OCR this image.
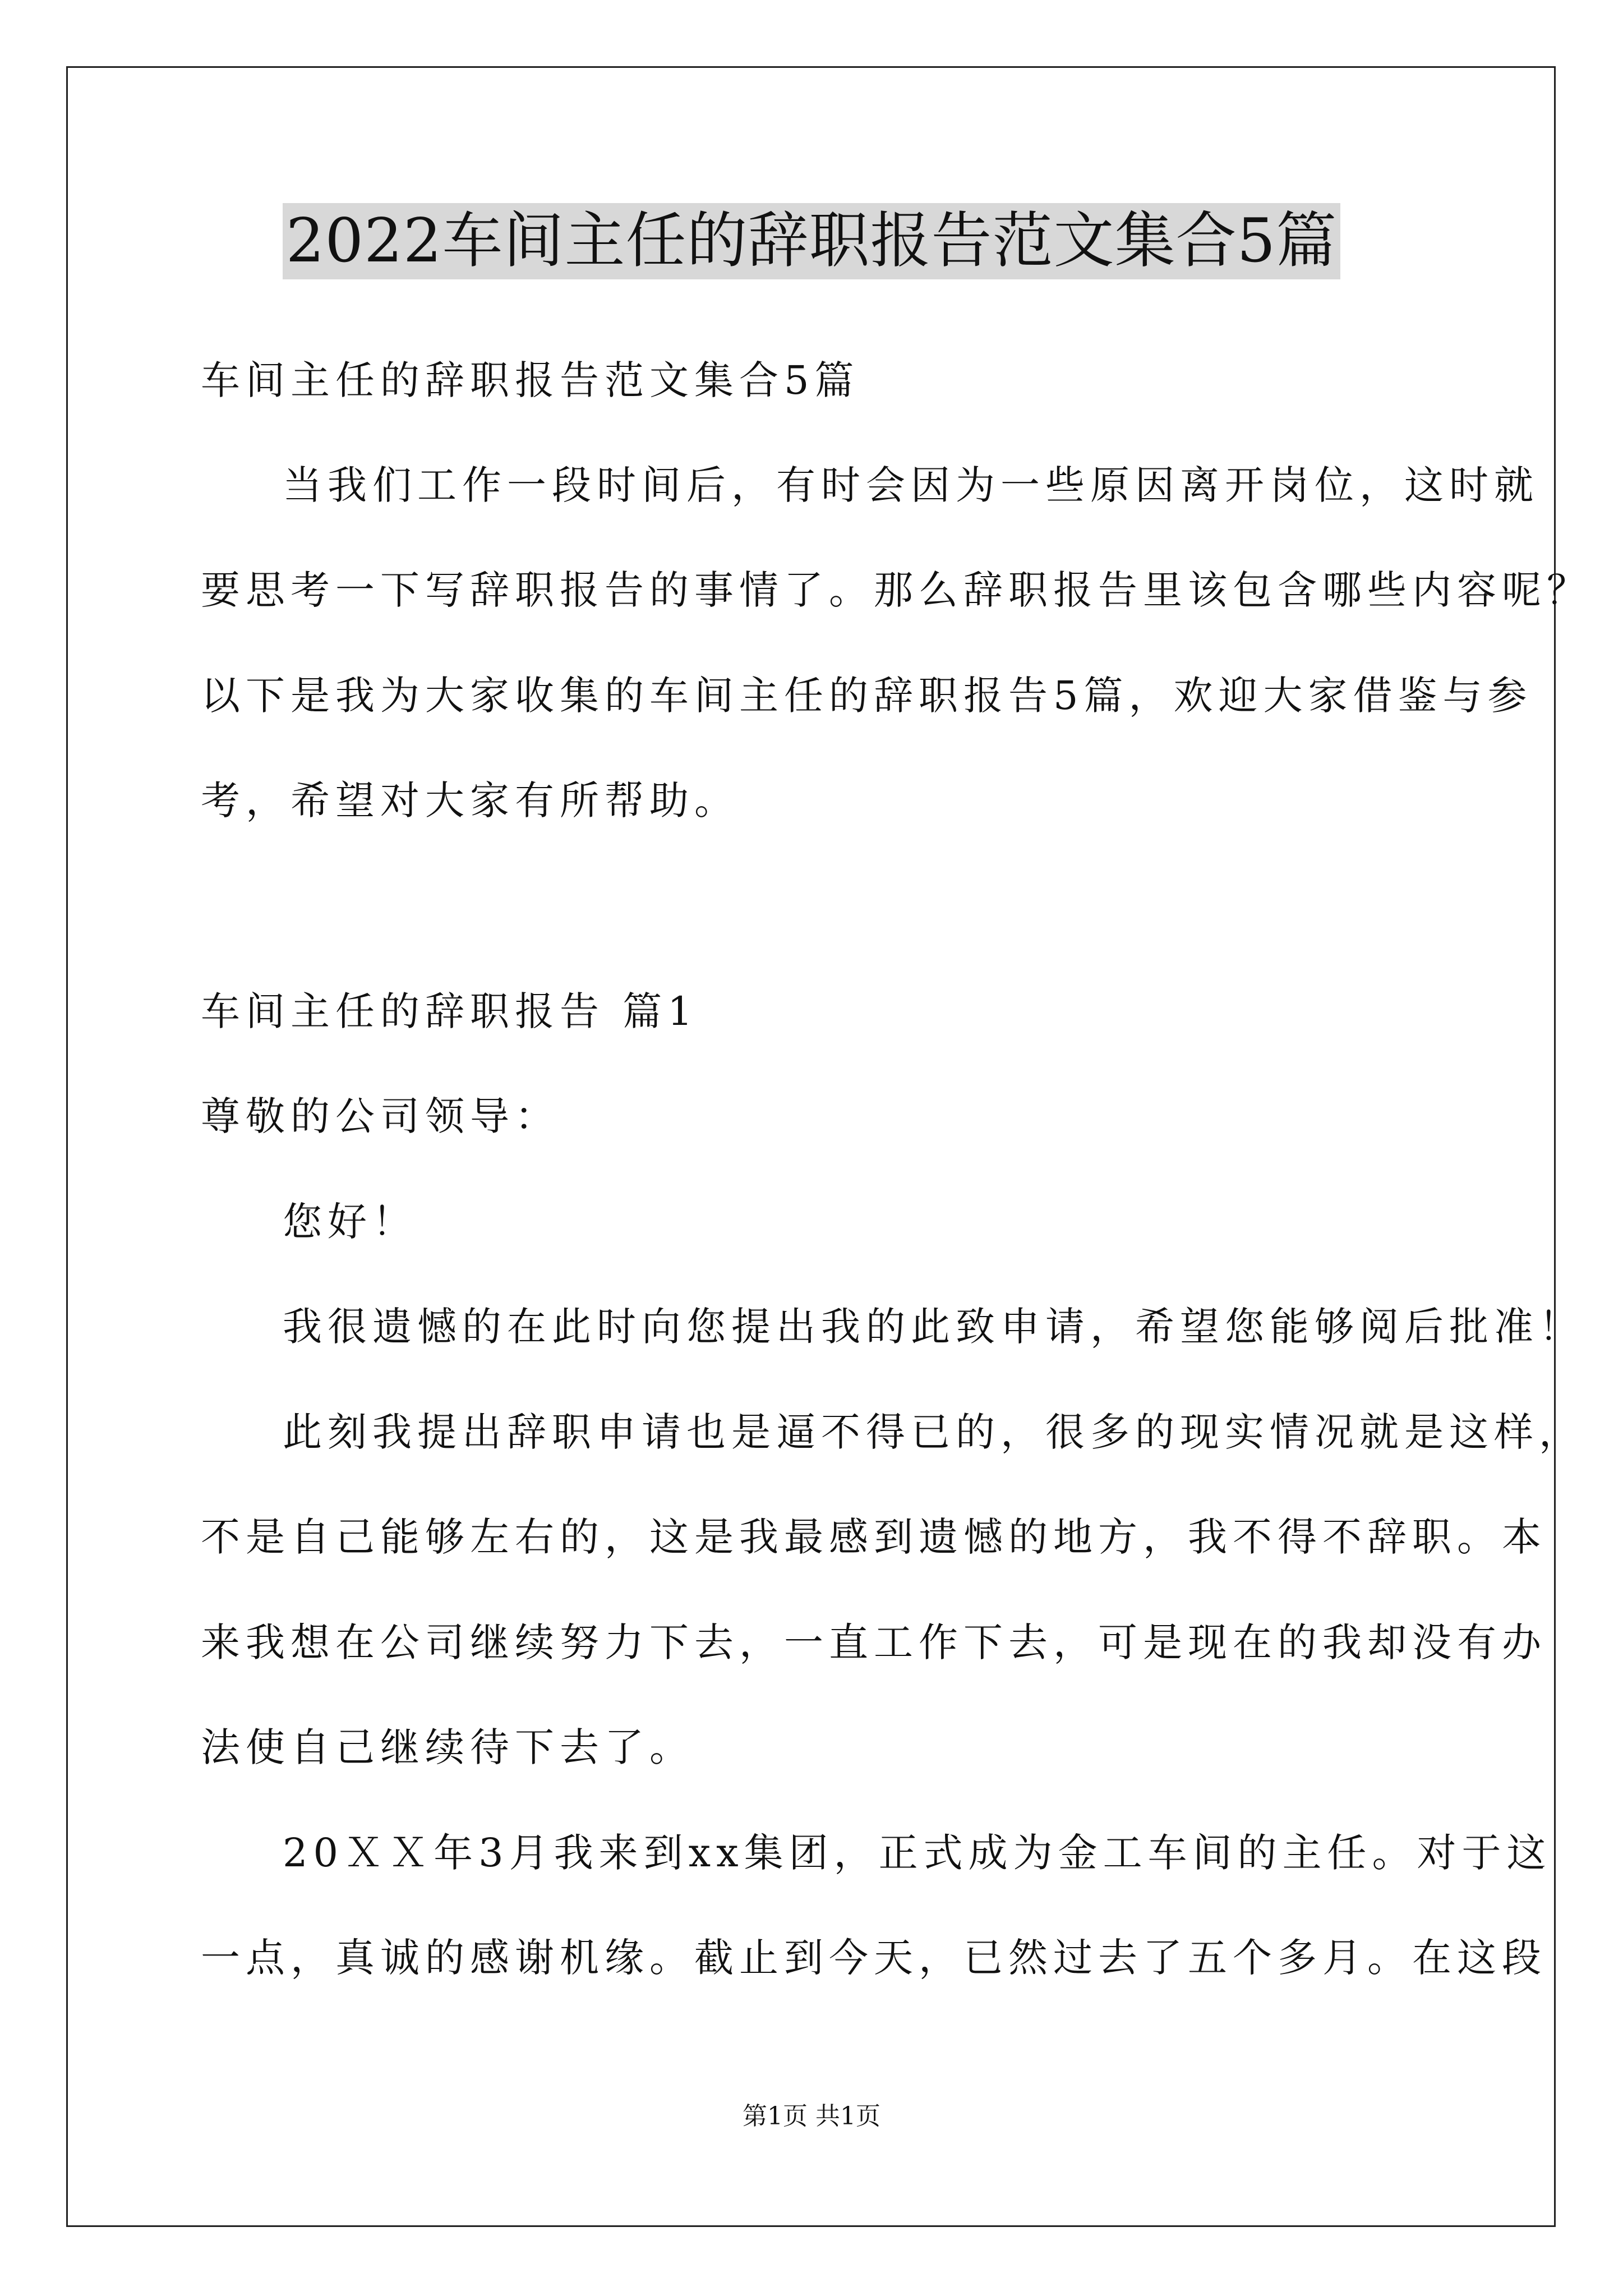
2022车间主任的辞职报告范文集合5篇
车间主任的辞职报告范文集合5篇
当我们工作一段时间后，有时会因为一些原因离开岗位，这时就
要思考一下写辞职报告的事情了。那么辞职报告里该包含哪些内容呢？
以下是我为大家收集的车间主任的辞职报告5篇，欢迎大家借鉴与参
考，希望对大家有所帮助。
车间主任的辞职报告 篇1
尊敬的公司领导：
您好！
我很遗憾的在此时向您提出我的此致申请，希望您能够阅后批准！
此刻我提出辞职申请也是逼不得已的，很多的现实情况就是这样，
不是自己能够左右的，这是我最感到遗憾的地方，我不得不辞职。本
来我想在公司继续努力下去，一直工作下去，可是现在的我却没有办
法使自己继续待下去了。
20ＸＸ年3月我来到xx集团，正式成为金工车间的主任。对于这
一点，真诚的感谢机缘。截止到今天，已然过去了五个多月。在这段
第1页 共1页
